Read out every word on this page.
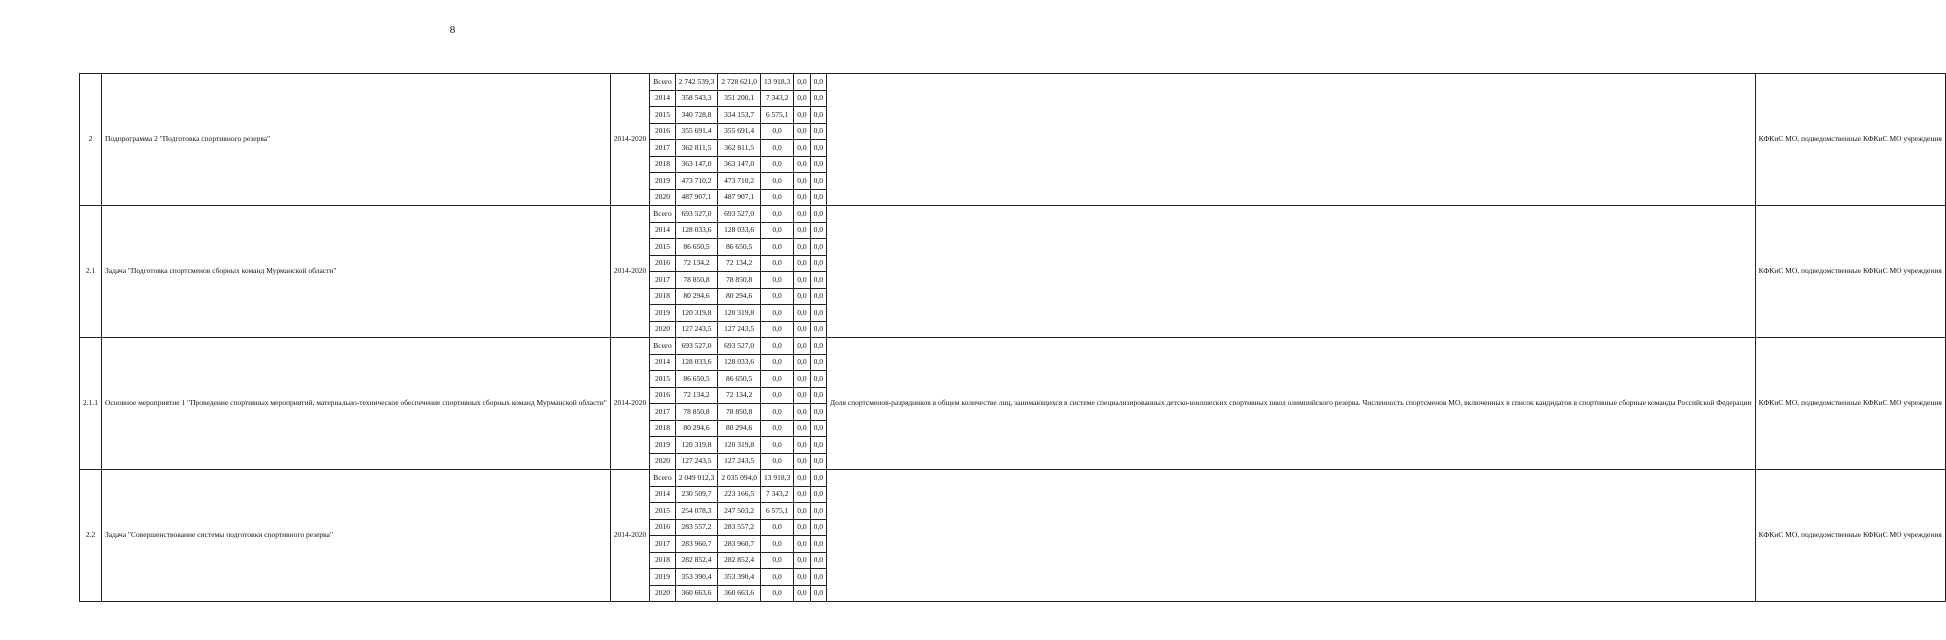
8
2	Подпрограмма 2 "Подготовка спортивного резерва"	2014-2020	Всего	2 742 539,3	2 728 621,0	13 918,3	0,0	0,0		КФКиС МО, подведомственные КФКиС МО учреждения
			2014	358 543,3	351 200,1	7 343,2	0,0	0,0		
			2015	340 728,8	334 153,7	6 575,1	0,0	0,0		
			2016	355 691,4	355 691,4	0,0	0,0	0,0		
			2017	362 811,5	362 811,5	0,0	0,0	0,0		
			2018	363 147,0	363 147,0	0,0	0,0	0,0		
			2019	473 710,2	473 710,2	0,0	0,0	0,0		
			2020	487 907,1	487 907,1	0,0	0,0	0,0		
2.1	Задача "Подготовка спортсменов сборных команд Мурманской области"	2014-2020	Всего	693 527,0	693 527,0	0,0	0,0	0,0		КФКиС МО, подведомственные КФКиС МО учреждения
			2014	128 033,6	128 033,6	0,0	0,0	0,0		
			2015	86 650,5	86 650,5	0,0	0,0	0,0		
			2016	72 134,2	72 134,2	0,0	0,0	0,0		
			2017	78 850,8	78 850,8	0,0	0,0	0,0		
			2018	80 294,6	80 294,6	0,0	0,0	0,0		
			2019	120 319,8	120 319,8	0,0	0,0	0,0		
			2020	127 243,5	127 243,5	0,0	0,0	0,0		
2.1.1	Основное мероприятие 1 "Проведение спортивных мероприятий, материально-техническое обеспечение спортивных сборных команд Мурманской области"	2014-2020	Всего	693 527,0	693 527,0	0,0	0,0	0,0	Доля спортсменов-разрядников в общем количестве лиц, занимающихся в системе специализированных детско-юношеских спортивных школ олимпийского резерва. Численность спортсменов МО, включенных в список кандидатов в спортивные сборные команды Российской Федерации	КФКиС МО, подведомственные КФКиС МО учреждения
			2014	128 033,6	128 033,6	0,0	0,0	0,0		
			2015	86 650,5	86 650,5	0,0	0,0	0,0		
			2016	72 134,2	72 134,2	0,0	0,0	0,0		
			2017	78 850,8	78 850,8	0,0	0,0	0,0		
			2018	80 294,6	80 294,6	0,0	0,0	0,0		
			2019	120 319,8	120 319,8	0,0	0,0	0,0		
			2020	127 243,5	127 243,5	0,0	0,0	0,0		
2.2	Задача "Совершенствование системы подготовки спортивного резерва"	2014-2020	Всего	2 049 012,3	2 035 094,0	13 918,3	0,0	0,0		КФКиС МО, подведомственные КФКиС МО учреждения
			2014	230 509,7	223 166,5	7 343,2	0,0	0,0		
			2015	254 078,3	247 503,2	6 575,1	0,0	0,0		
			2016	283 557,2	283 557,2	0,0	0,0	0,0		
			2017	283 960,7	283 960,7	0,0	0,0	0,0		
			2018	282 852,4	282 852,4	0,0	0,0	0,0		
			2019	353 390,4	353 390,4	0,0	0,0	0,0		
			2020	360 663,6	360 663,6	0,0	0,0	0,0		
